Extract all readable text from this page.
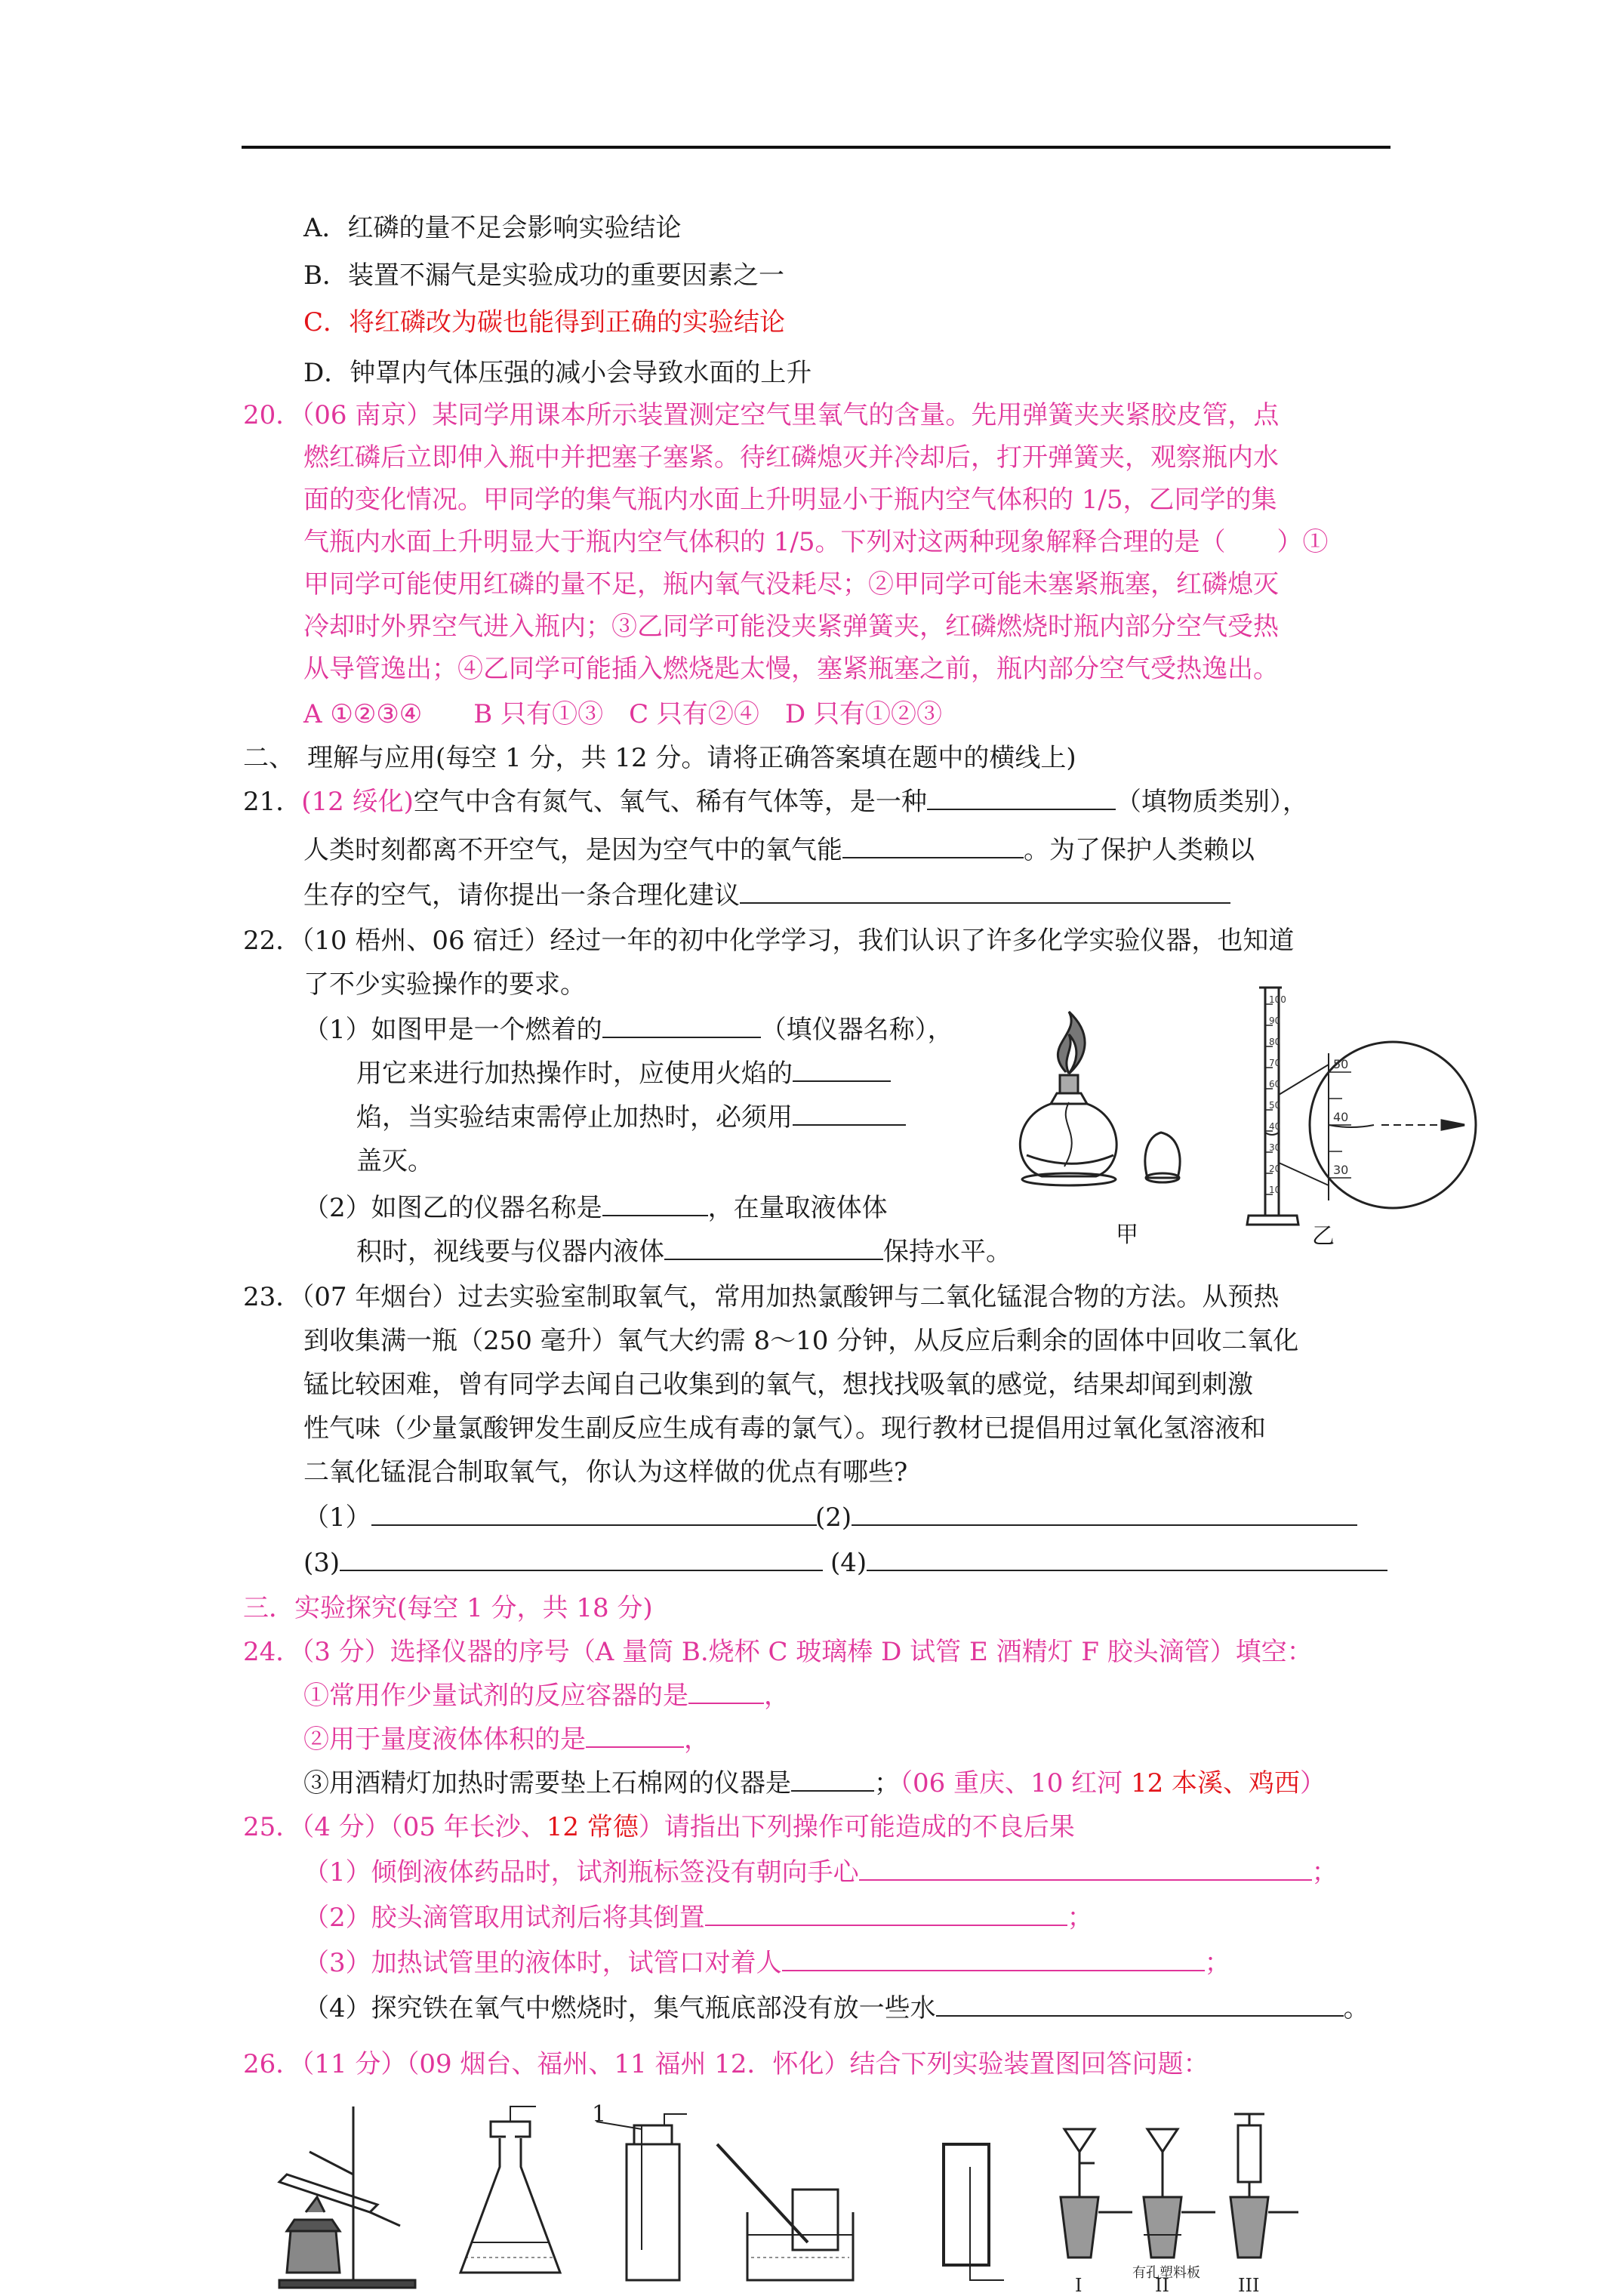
A．红磷的量不足会影响实验结论
B．装置不漏气是实验成功的重要因素之一
C．将红磷改为碳也能得到正确的实验结论
D．钟罩内气体压强的减小会导致水面的上升
20．（06 南京）某同学用课本所示装置测定空气里氧气的含量。先用弹簧夹夹紧胶皮管，点
燃红磷后立即伸入瓶中并把塞子塞紧。待红磷熄灭并冷却后，打开弹簧夹，观察瓶内水
面的变化情况。甲同学的集气瓶内水面上升明显小于瓶内空气体积的 1/5，乙同学的集
气瓶内水面上升明显大于瓶内空气体积的 1/5。下列对这两种现象解释合理的是（　　）①
甲同学可能使用红磷的量不足，瓶内氧气没耗尽；②甲同学可能未塞紧瓶塞，红磷熄灭
冷却时外界空气进入瓶内；③乙同学可能没夹紧弹簧夹，红磷燃烧时瓶内部分空气受热
从导管逸出；④乙同学可能插入燃烧匙太慢，塞紧瓶塞之前，瓶内部分空气受热逸出。
A ①②③④　　B 只有①③　C 只有②④　D 只有①②③
二、　理解与应用(每空 1 分，共 12 分。请将正确答案填在题中的横线上)
21．(12 绥化)空气中含有氮气、氧气、稀有气体等，是一种	（填物质类别），
人类时刻都离不开空气，是因为空气中的氧气能	。为了保护人类赖以
生存的空气，请你提出一条合理化建议
22．（10 梧州、06 宿迁）经过一年的初中化学学习，我们认识了许多化学实验仪器，也知道
了不少实验操作的要求。
（1）如图甲是一个燃着的	（填仪器名称），
用它来进行加热操作时，应使用火焰的
焰，当实验结束需停止加热时，必须用
盖灭。
（2）如图乙的仪器名称是	，在量取液体体
积时，视线要与仪器内液体	保持水平。
甲
100
90
80
70
60
50
40
30
20
10
50
40
30
乙
23．（07 年烟台）过去实验室制取氧气，常用加热氯酸钾与二氧化锰混合物的方法。从预热
到收集满一瓶（250 毫升）氧气大约需 8～10 分钟，从反应后剩余的固体中回收二氧化
锰比较困难，曾有同学去闻自己收集到的氧气，想找找吸氧的感觉，结果却闻到刺激
性气味（少量氯酸钾发生副反应生成有毒的氯气）。现行教材已提倡用过氧化氢溶液和
二氧化锰混合制取氧气，你认为这样做的优点有哪些?
（1）	(2)
(3)	(4)
三．实验探究(每空 1 分，共 18 分)
24．（3 分）选择仪器的序号（A 量筒 B.烧杯 C 玻璃棒 D 试管 E 酒精灯 F 胶头滴管）填空：
①常用作少量试剂的反应容器的是	，
②用于量度液体体积的是	，
③用酒精灯加热时需要垫上石棉网的仪器是	；（06 重庆、10 红河 12 本溪、鸡西）
25．（4 分）（05 年长沙、12 常德）请指出下列操作可能造成的不良后果
（1）倾倒液体药品时，试剂瓶标签没有朝向手心	；
（2）胶头滴管取用试剂后将其倒置	；
（3）加热试管里的液体时，试管口对着人	；
（4）探究铁在氧气中燃烧时，集气瓶底部没有放一些水	。
26．（11 分）（09 烟台、福州、11 福州 12．怀化）结合下列实验装置图回答问题：
1
有孔塑料板
I	II	III
